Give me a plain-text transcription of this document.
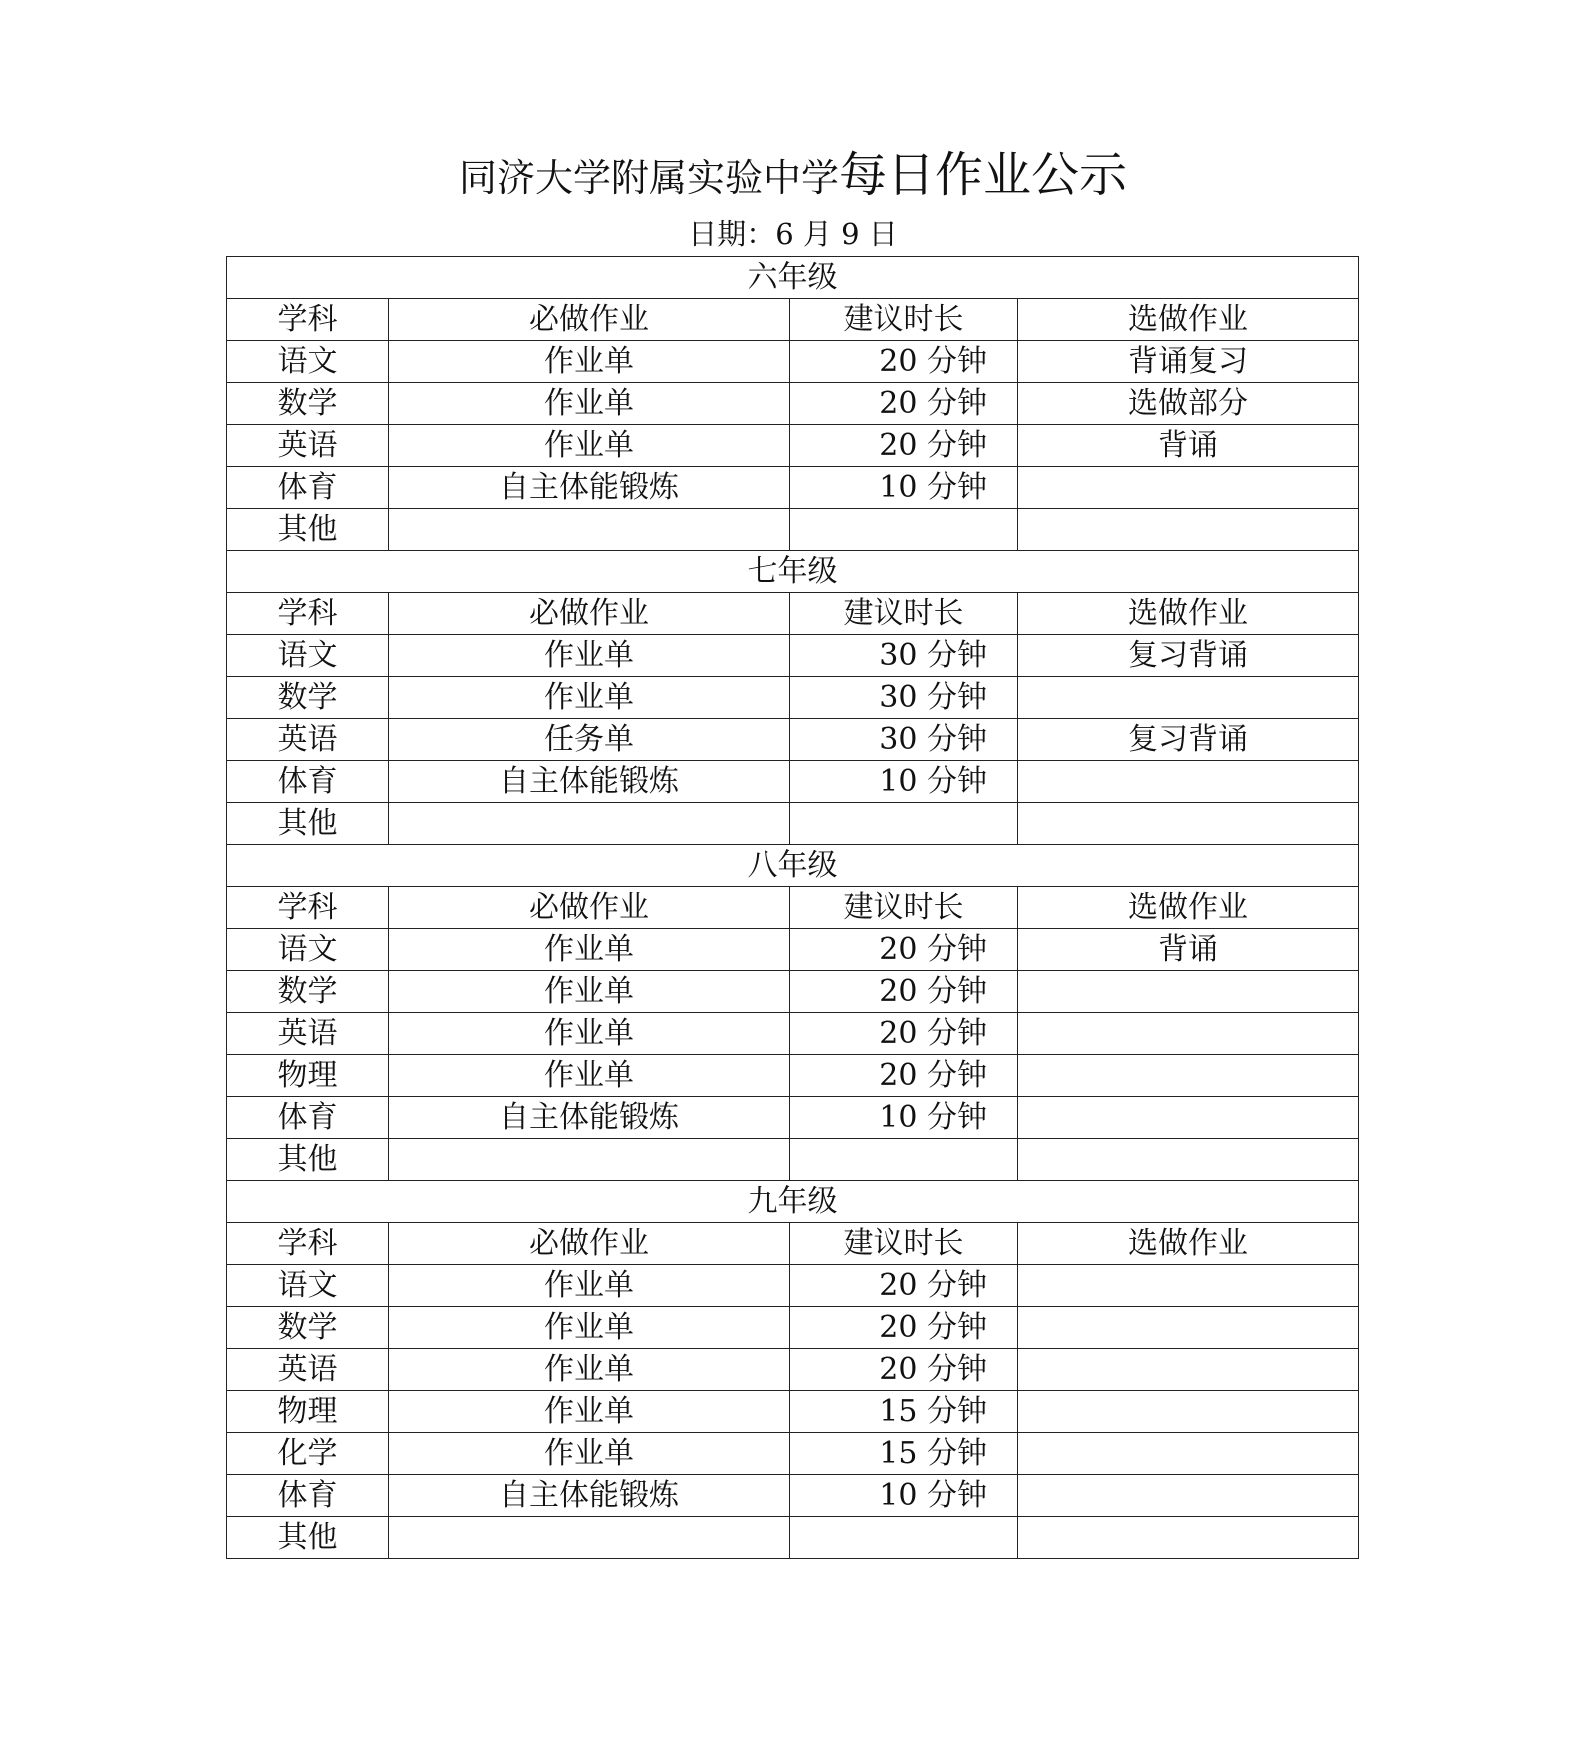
同济大学附属实验中学每日作业公示
日期：6 月 9 日
六年级			
学科	必做作业	建议时长	选做作业
语文	作业单	20 分钟	背诵复习
数学	作业单	20 分钟	选做部分
英语	作业单	20 分钟	背诵
体育	自主体能锻炼	10 分钟	
其他			
七年级			
学科	必做作业	建议时长	选做作业
语文	作业单	30 分钟	复习背诵
数学	作业单	30 分钟	
英语	任务单	30 分钟	复习背诵
体育	自主体能锻炼	10 分钟	
其他			
八年级			
学科	必做作业	建议时长	选做作业
语文	作业单	20 分钟	背诵
数学	作业单	20 分钟	
英语	作业单	20 分钟	
物理	作业单	20 分钟	
体育	自主体能锻炼	10 分钟	
其他			
九年级			
学科	必做作业	建议时长	选做作业
语文	作业单	20 分钟	
数学	作业单	20 分钟	
英语	作业单	20 分钟	
物理	作业单	15 分钟	
化学	作业单	15 分钟	
体育	自主体能锻炼	10 分钟	
其他			
